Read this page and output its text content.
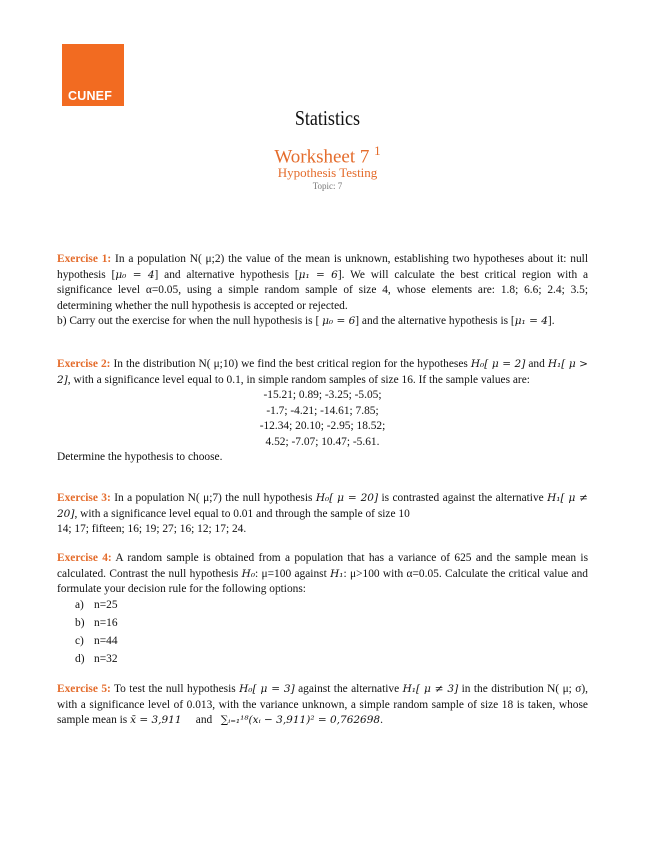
CUNEF
Statistics
Worksheet 7 $^1$
Hypothesis Testing
Topic: 7
Exercise 1: In a population N( μ;2) the value of the mean is unknown, establishing two hypotheses about it: null hypothesis [μ₀ = 4] and alternative hypothesis [μ₁ = 6]. We will calculate the best critical region with a significance level α=0.05, using a simple random sample of size 4, whose elements are: 1.8; 6.6; 2.4; 3.5; determining whether the null hypothesis is accepted or rejected.
b) Carry out the exercise for when the null hypothesis is [ μ₀ = 6] and the alternative hypothesis is [μ₁ = 4].
Exercise 2: In the distribution N( μ;10) we find the best critical region for the hypotheses H₀[ μ = 2] and H₁[ μ > 2], with a significance level equal to 0.1, in simple random samples of size 16. If the sample values are:
-15.21; 0.89; -3.25; -5.05;
-1.7; -4.21; -14.61; 7.85;
-12.34; 20.10; -2.95; 18.52;
4.52; -7.07; 10.47; -5.61.
Determine the hypothesis to choose.
Exercise 3: In a population N( μ;7) the null hypothesis H₀[ μ = 20] is contrasted against the alternative H₁[ μ ≠ 20], with a significance level equal to 0.01 and through the sample of size 10
14; 17; fifteen; 16; 19; 27; 16; 12; 17; 24.
Exercise 4: A random sample is obtained from a population that has a variance of 625 and the sample mean is calculated. Contrast the null hypothesis H₀: μ=100 against H₁: μ>100 with α=0.05. Calculate the critical value and formulate your decision rule for the following options:
a) n=25
b) n=16
c) n=44
d) n=32
Exercise 5: To test the null hypothesis H₀[ μ = 3] against the alternative H₁[ μ ≠ 3] in the distribution N( μ; σ), with a significance level of 0.013, with the variance unknown, a simple random sample of size 18 is taken, whose sample mean is x̄ = 3,911     and   ∑ᵢ₌₁¹⁸(xᵢ − 3,911)² = 0,762698.
